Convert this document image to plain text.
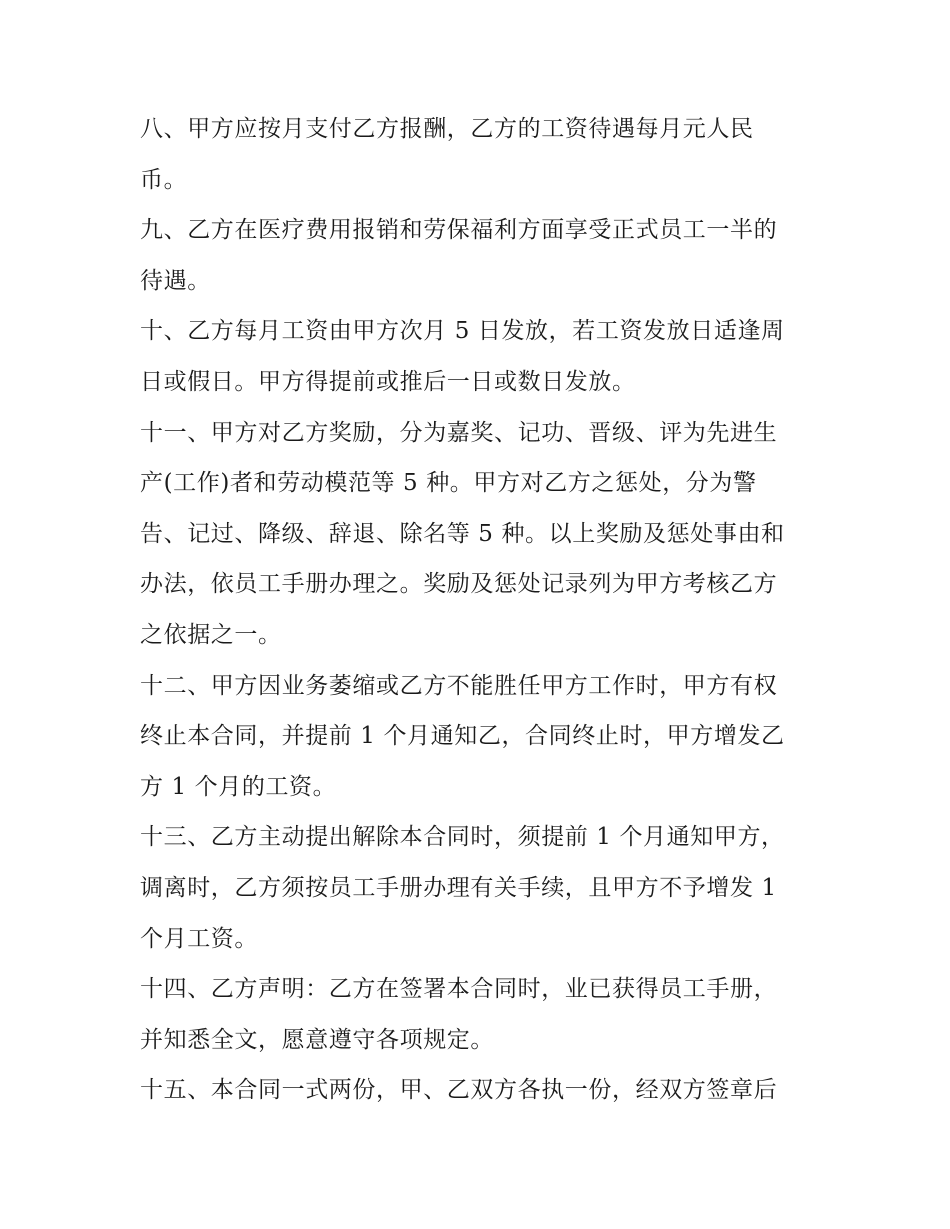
八、甲方应按月支付乙方报酬，乙方的工资待遇每月元人民
币。
九、乙方在医疗费用报销和劳保福利方面享受正式员工一半的
待遇。
十、乙方每月工资由甲方次月 5 日发放，若工资发放日适逢周
日或假日。甲方得提前或推后一日或数日发放。
十一、甲方对乙方奖励，分为嘉奖、记功、晋级、评为先进生
产(工作)者和劳动模范等 5 种。甲方对乙方之惩处，分为警
告、记过、降级、辞退、除名等 5 种。以上奖励及惩处事由和
办法，依员工手册办理之。奖励及惩处记录列为甲方考核乙方
之依据之一。
十二、甲方因业务萎缩或乙方不能胜任甲方工作时，甲方有权
终止本合同，并提前 1 个月通知乙，合同终止时，甲方增发乙
方 1 个月的工资。
十三、乙方主动提出解除本合同时，须提前 1 个月通知甲方，
调离时，乙方须按员工手册办理有关手续，且甲方不予增发 1
个月工资。
十四、乙方声明：乙方在签署本合同时，业已获得员工手册，
并知悉全文，愿意遵守各项规定。
十五、本合同一式两份，甲、乙双方各执一份，经双方签章后
